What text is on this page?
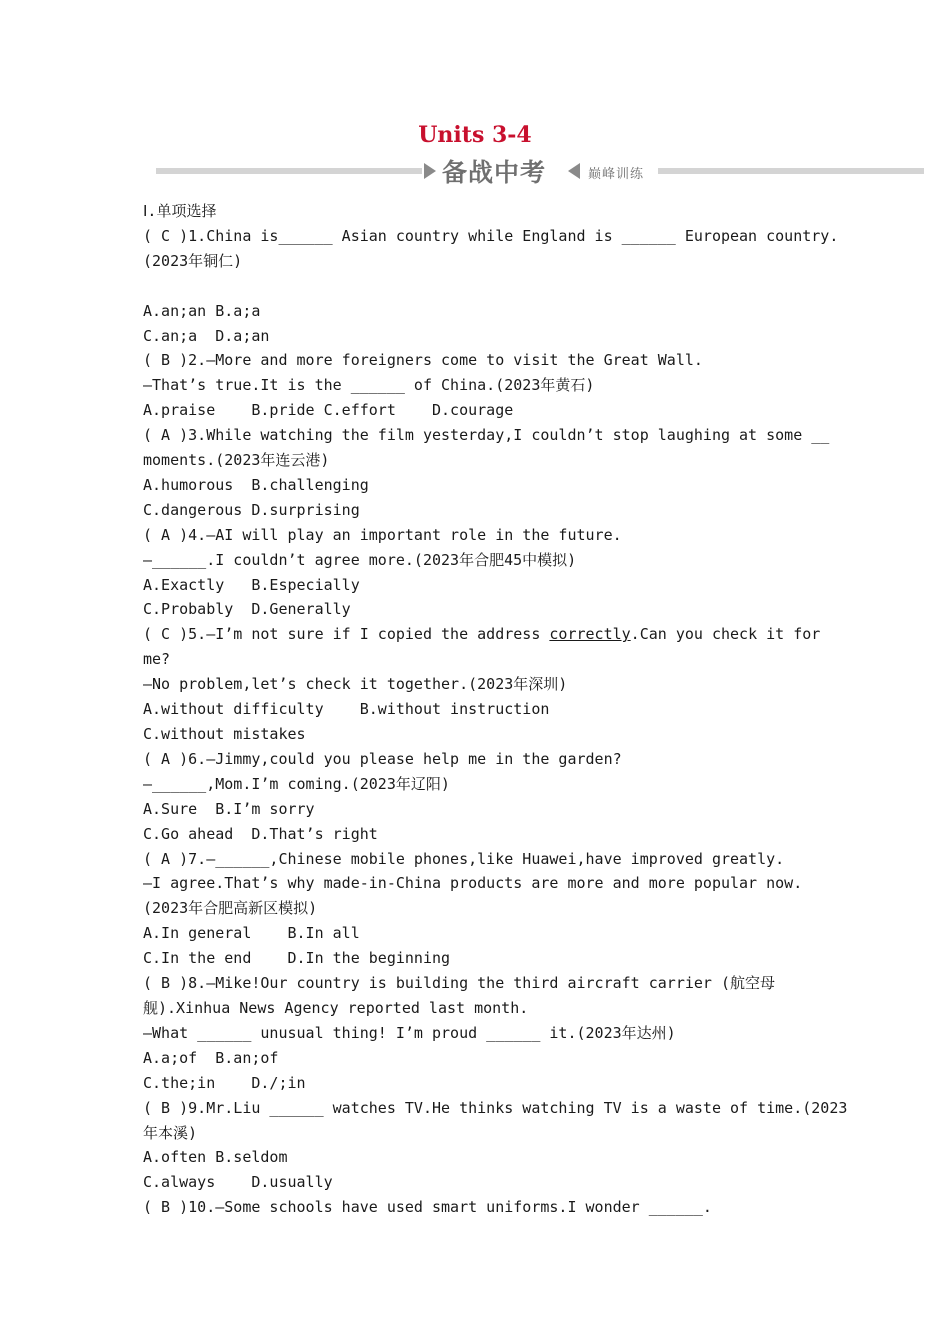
Units 3-4
备战中考	巅峰训练
Ⅰ.单项选择
( C )1.China is______ Asian country while England is ______ European country.
(2023年铜仁)
A.an;an B.a;a
C.an;a  D.a;an
( B )2.—More and more foreigners come to visit the Great Wall.
—That’s true.It is the ______ of China.(2023年黄石)
A.praise    B.pride C.effort    D.courage
( A )3.While watching the film yesterday,I couldn’t stop laughing at some __
moments.(2023年连云港)
A.humorous  B.challenging
C.dangerous D.surprising
( A )4.—AI will play an important role in the future.
—______.I couldn’t agree more.(2023年合肥45中模拟)
A.Exactly   B.Especially
C.Probably  D.Generally
( C )5.—I’m not sure if I copied the address correctly.Can you check it for
me?
—No problem,let’s check it together.(2023年深圳)
A.without difficulty    B.without instruction
C.without mistakes
( A )6.—Jimmy,could you please help me in the garden?
—______,Mom.I’m coming.(2023年辽阳)
A.Sure  B.I’m sorry
C.Go ahead  D.That’s right
( A )7.—______,Chinese mobile phones,like Huawei,have improved greatly.
—I agree.That’s why made-in-China products are more and more popular now.
(2023年合肥高新区模拟)
A.In general    B.In all
C.In the end    D.In the beginning
( B )8.—Mike!Our country is building the third aircraft carrier (航空母
舰).Xinhua News Agency reported last month.
—What ______ unusual thing! I’m proud ______ it.(2023年达州)
A.a;of  B.an;of
C.the;in    D./;in
( B )9.Mr.Liu ______ watches TV.He thinks watching TV is a waste of time.(2023
年本溪)
A.often B.seldom
C.always    D.usually
( B )10.—Some schools have used smart uniforms.I wonder ______.
